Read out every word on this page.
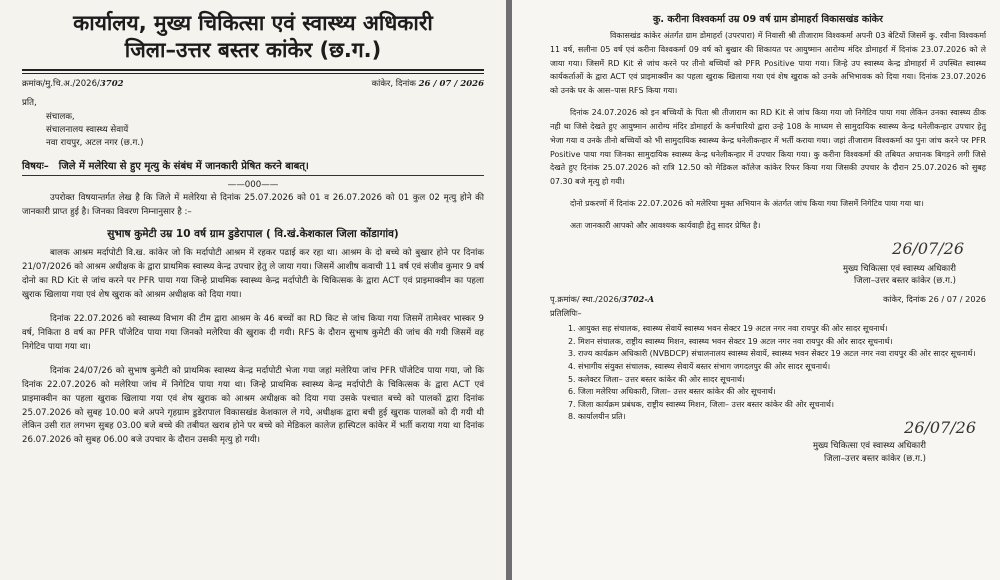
कार्यालय, मुख्य चिकित्सा एवं स्वास्थ्य अधिकारी
जिला–उत्तर बस्तर कांकेर (छ.ग.)
क्रमांक/मु.चि.अ./2026/3702	कांकेर, दिनांक 26 / 07 / 2026

प्रति,

संचालक,

संचालनालय स्वास्थ्य सेवायें

नवा रायपुर, अटल नगर (छ.ग.)

विषयः– जिले में मलेरिया से हुए मृत्यु के संबंध में जानकारी प्रेषित करने बाबत्।
——000——

उपरोक्त विषयान्तर्गत लेख है कि जिले में मलेरिया से दिनांक 25.07.2026 को 01 व 26.07.2026 को 01 कुल 02 मृत्यु होने की जानकारी प्राप्त हुई है। जिनका विवरण निम्नानुसार है :–

सुभाष कुमेटी उम्र 10 वर्ष ग्राम डुडेरापाल ( वि.खं.केशकाल जिला कोंडागांव)

बालक आश्रम मर्दापोटी वि.ख. कांकेर जो कि मर्दापोटी आश्रम में रहकर पढाई कर रहा था। आश्रम के दो बच्चे को बुखार होने पर दिनांक 21/07/2026 को आश्रम अधीक्षक के द्वारा प्राथमिक स्वास्थ्य केन्द्र उपचार हेतु ले जाया गया। जिसमें आशीष कवाची 11 वर्ष एवं संजीव कुमार 9 वर्ष दोनो का RD Kit से जांच करने पर PFR पाया गया जिन्हे प्राथमिक स्वास्थ्य केन्द्र मर्दापोटी के चिकित्सक के द्वारा ACT एवं प्राइमाक्वीन का पहला खुराक खिलाया गया एवं शेष खुराक को आश्रम अधीक्षक को दिया गया।

दिनांक 22.07.2026 को स्वास्थ्य विभाग की टीम द्वारा आश्रम के 46 बच्चों का RD किट से जांच किया गया जिसमें तामेश्वर भास्कर 9 वर्ष, निकिता 8 वर्ष का PFR पॉजेटिव पाया गया जिनको मलेरिया की खुराक दी गयी। RFS के दौरान सुभाष कुमेटी की जांच की गयी जिसमें वह निगेटिव पाया गया था।

दिनांक 24/07/26 को सुभाष कुमेटी को प्राथमिक स्वास्थ्य केन्द्र मर्दापोटी भेजा गया जहां मलेरिया जांच PFR पॉजेटिव पाया गया, जो कि दिनांक 22.07.2026 को मलेरिया जांच में निगेटिव पाया गया था। जिन्हे प्राथमिक स्वास्थ्य केन्द्र मर्दापोटी के चिकित्सक के द्वारा ACT एवं प्राइमाक्वीन का पहला खुराक खिलाया गया एवं शेष खुराक को आश्रम अधीक्षक को दिया गया उसके पश्चात बच्चे को पालकों द्वारा दिनांक 25.07.2026 को सुबह 10.00 बजे अपने गृहग्राम डुडेरापाल विकासखंड केशकाल ले गये, अधीक्षक द्वारा बची हुई खुराक पालकों को दी गयी थी लेकिन उसी रात लगभग सुबह 03.00 बजे बच्चे की तबीयत खराब होने पर बच्चे को मेडिकल कालेज हास्पिटल कांकेर में भर्ती कराया गया था दिनांक 26.07.2026 को सुबह 06.00 बजे उपचार के दौरान उसकी मृत्यु हो गयी।

कु. करीना विश्वकर्मा उम्र 09 वर्ष ग्राम डोमाहर्रा विकासखंड कांकेर

विकासखंड कांकेर अंतर्गत ग्राम डोमाहर्रा (उपरपारा) में निवासी श्री तीजाराम विश्वकर्मा अपनी 03 बेटियों जिसमें कु. रवीना विश्वकर्मा 11 वर्ष, सलीना 05 वर्ष एवं करीना विश्वकर्मा 09 वर्ष को बुखार की शिकायत पर आयुष्मान आरोग्य मंदिर डोमाहर्रा में दिनांक 23.07.2026 को ले जाया गया। जिसमें RD Kit से जांच करने पर तीनो बच्चियों को PFR Positive पाया गया। जिन्हे उप स्वास्थ्य केन्द्र डोमाहर्रा में उपस्थित स्वास्थ्य कार्यकर्ताओं के द्वारा ACT एवं प्राइमाक्वीन का पहला खुराक खिलाया गया एवं शेष खुराक को उनके अभिभावक को दिया गया। दिनांक 23.07.2026 को उनके घर के आस–पास RFS किया गया।

दिनांक 24.07.2026 को इन बच्चियों के पिता श्री तीजाराम का RD Kit से जांच किया गया जो निगेटिव पाया गया लेकिन उनका स्वास्थ्य ठीक नही था जिसे देखते हुए आयुष्मान आरोग्य मंदिर डोमाहर्रा के कर्मचारियो द्वारा उन्हे 108 के माध्यम से सामुदायिक स्वास्थ्य केन्द्र धनेलीकन्हार उपचार हेतु भेजा गया व उनके तीनो बच्चियों को भी सामुदायिक स्वास्थ्य केन्द्र धनेलीकन्हार में भर्ती कराया गया। जहां तीजाराम विश्वकर्मा का पुनः जांच करने पर PFR Positive पाया गया जिनका सामुदायिक स्वास्थ्य केन्द्र धनेलीकन्हार में उपचार किया गया। कु करीना विश्वकर्मा की तबियत अचानक बिगड़ने लगी जिसे देखते हुए दिनांक 25.07.2026 को रात्रि 12.50 को मेडिकल कॉलेज कांकेर रिफर किया गया जिसकी उपचार के दौरान 25.07.2026 को सुबह 07.30 बजे मृत्यु हो गयी।

दोनो प्रकरणों में दिनांक 22.07.2026 को मलेरिया मुक्त अभियान के अंतर्गत जांच किया गया जिसमें निगेटिव पाया गया था।

अतः जानकारी आपको और आवश्यक कार्यवाही हेतु सादर प्रेषित है।

26/07/26

मुख्य चिकित्सा एवं स्वास्थ्य अधिकारी

जिला–उत्तर बस्तर कांकेर (छ.ग.)

पृ.क्रमांक/ स्था./2026/3702-A	कांकेर, दिनांक 26 / 07 / 2026

प्रतिलिपिः–

1. आयुक्त सह संचालक, स्वास्थ्य सेवायें स्वास्थ्य भवन सेक्टर 19 अटल नगर नवा रायपुर की ओर सादर सूचनार्थ।
2. मिशन संचालक, राष्ट्रीय स्वास्थ्य मिशन, स्वास्थ्य भवन सेक्टर 19 अटल नगर नवा रायपुर की ओर सादर सूचनार्थ।
3. राज्य कार्यक्रम अधिकारी (NVBDCP) संचालनालय स्वास्थ्य सेवायें, स्वास्थ्य भवन सेक्टर 19 अटल नगर नवा रायपुर की ओर सादर सूचनार्थ।
4. संभागीय संयुक्त संचालक, स्वास्थ्य सेवायें बस्तर संभाग जगदलपुर की ओर सादर सूचनार्थ।
5. कलेक्टर जिला– उत्तर बस्तर कांकेर की ओर सादर सूचनार्थ।
6. जिला मलेरिया अधिकारी, जिला– उत्तर बस्तर कांकेर की ओर सूचनार्थ।
7. जिला कार्यक्रम प्रबंधक, राष्ट्रीय स्वास्थ्य मिशन, जिला– उत्तर बस्तर कांकेर की ओर सूचनार्थ।
8. कार्यालयीन प्रति।
26/07/26

मुख्य चिकित्सा एवं स्वास्थ्य अधिकारी

जिला–उत्तर बस्तर कांकेर (छ.ग.)
